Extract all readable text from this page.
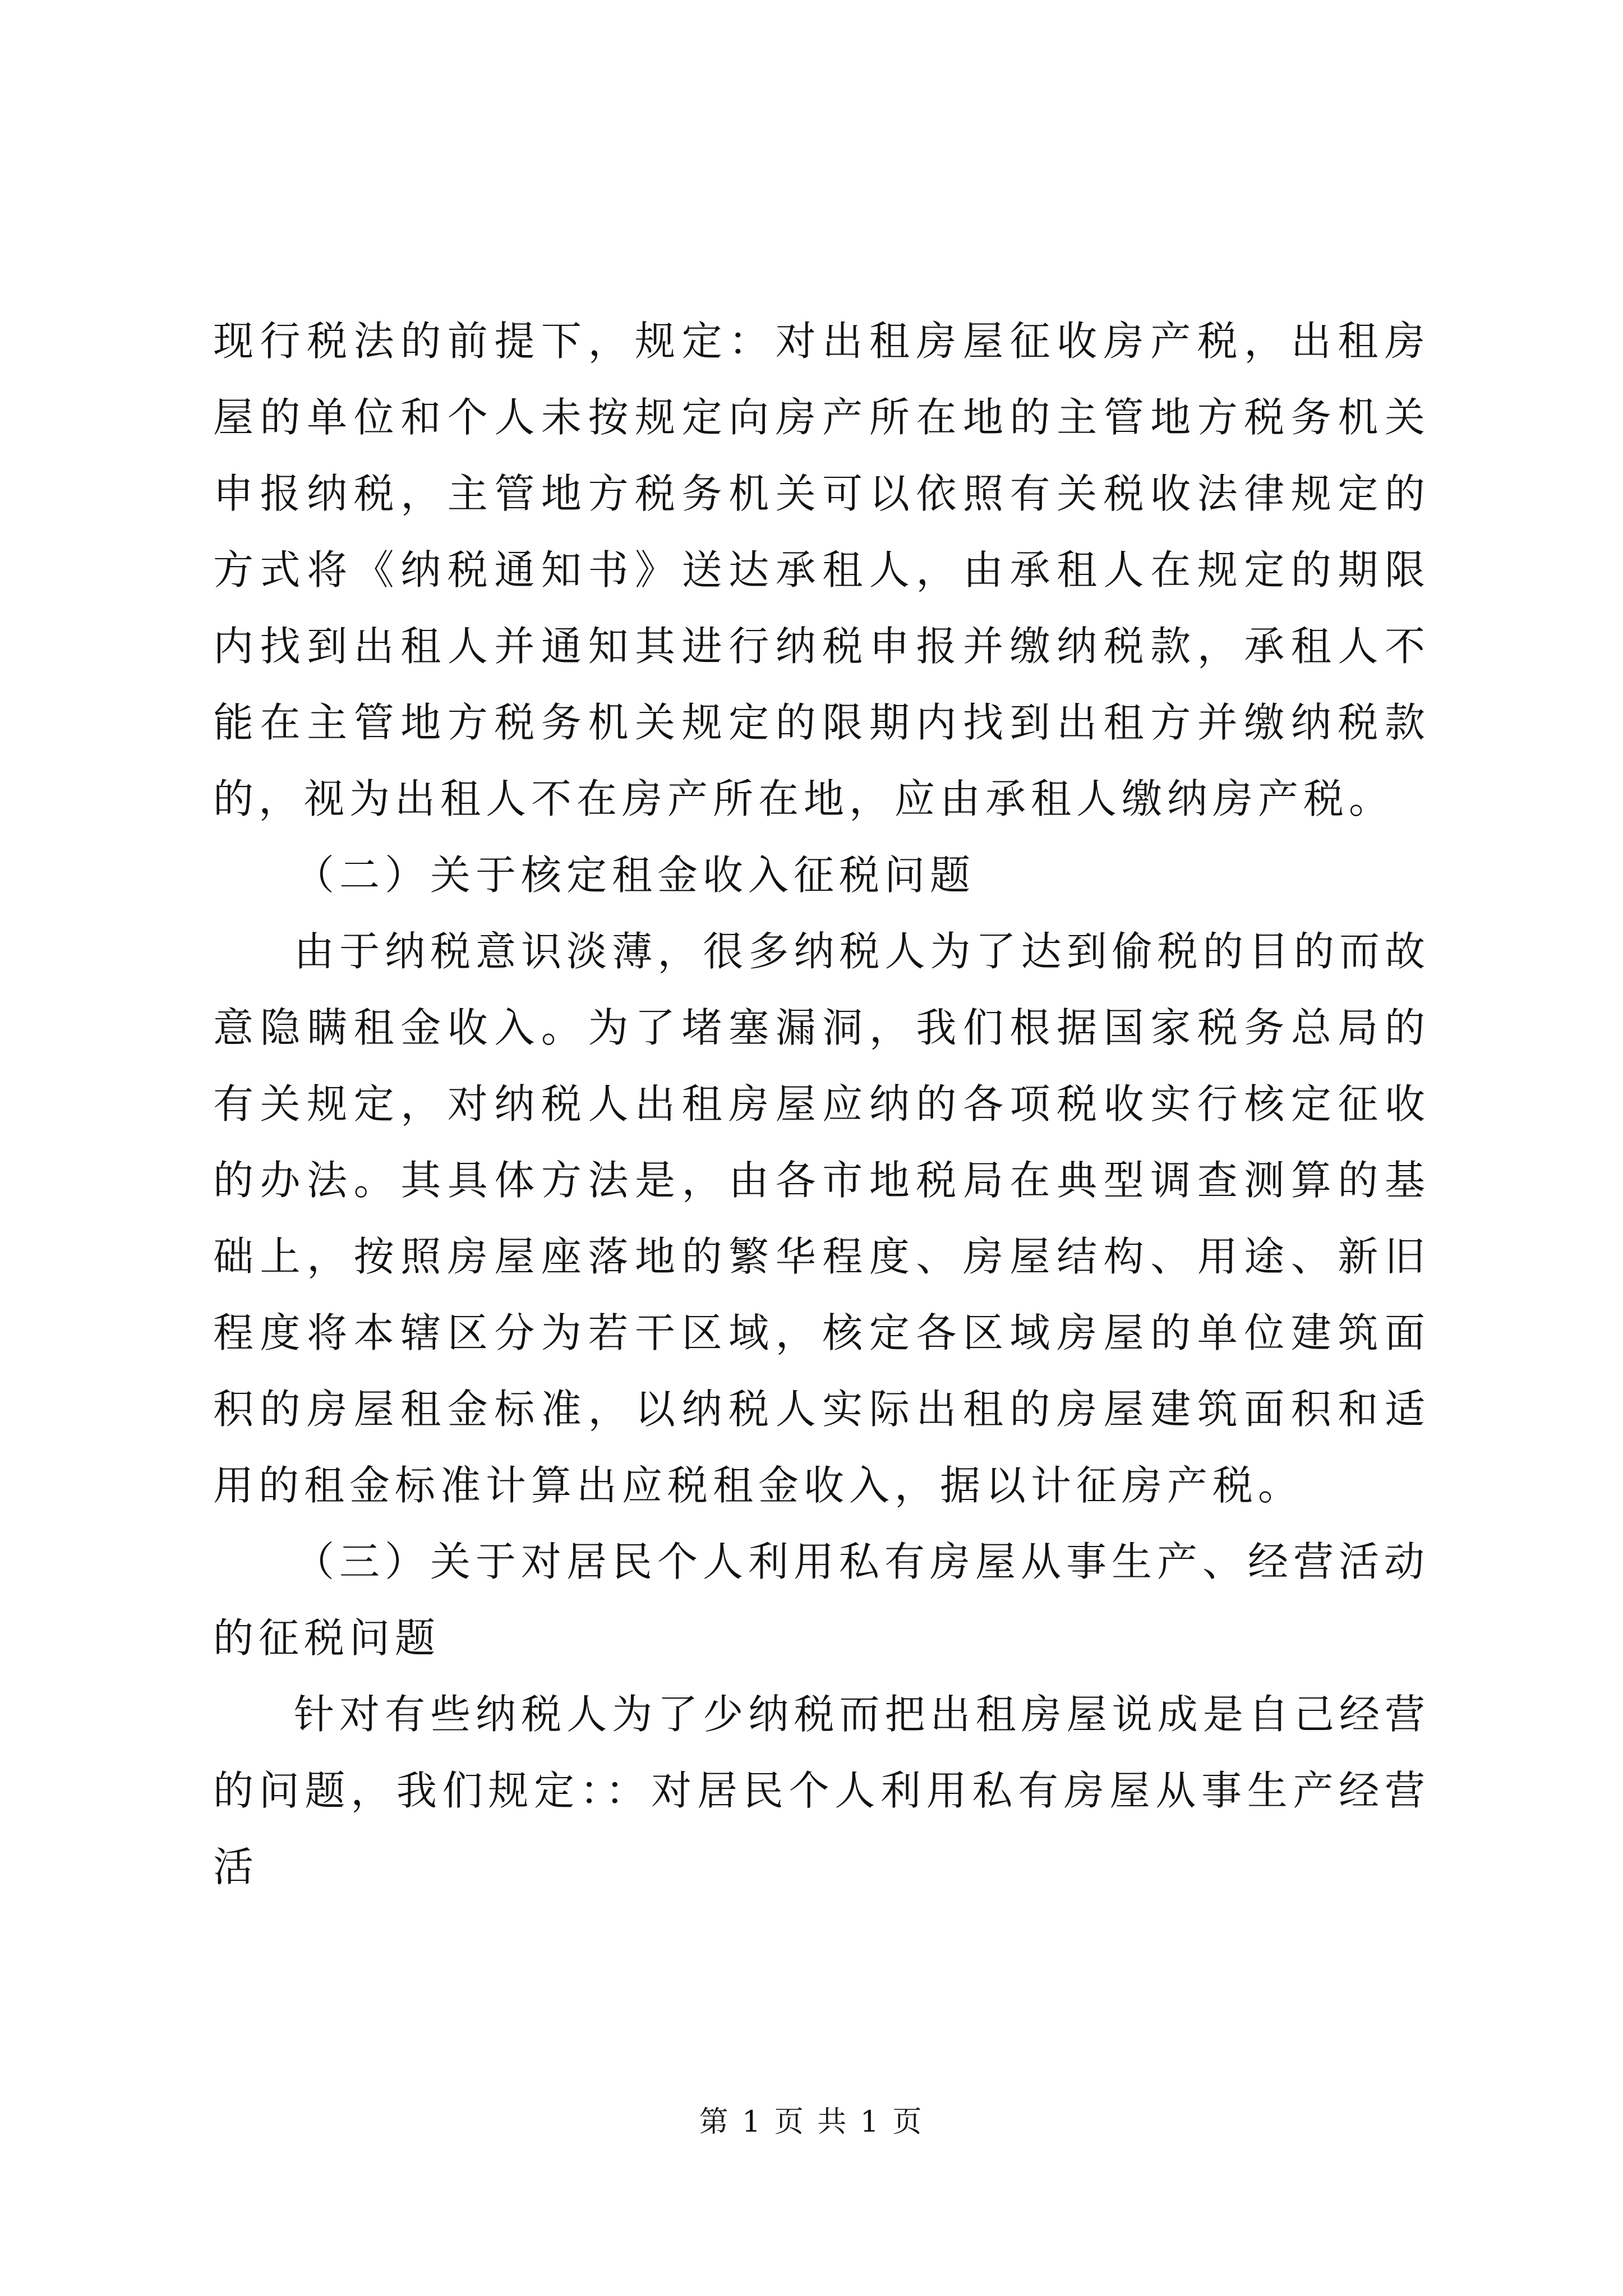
现行税法的前提下，规定：对出租房屋征收房产税，出租房屋的单位和个人未按规定向房产所在地的主管地方税务机关申报纳税，主管地方税务机关可以依照有关税收法律规定的方式将《纳税通知书》送达承租人，由承租人在规定的期限内找到出租人并通知其进行纳税申报并缴纳税款，承租人不能在主管地方税务机关规定的限期内找到出租方并缴纳税款的，视为出租人不在房产所在地，应由承租人缴纳房产税。

（二）关于核定租金收入征税问题

由于纳税意识淡薄，很多纳税人为了达到偷税的目的而故意隐瞒租金收入。为了堵塞漏洞，我们根据国家税务总局的有关规定，对纳税人出租房屋应纳的各项税收实行核定征收的办法。其具体方法是，由各市地税局在典型调查测算的基础上，按照房屋座落地的繁华程度、房屋结构、用途、新旧程度将本辖区分为若干区域，核定各区域房屋的单位建筑面积的房屋租金标准，以纳税人实际出租的房屋建筑面积和适用的租金标准计算出应税租金收入，据以计征房产税。

（三）关于对居民个人利用私有房屋从事生产、经营活动的征税问题

针对有些纳税人为了少纳税而把出租房屋说成是自己经营的问题，我们规定：：对居民个人利用私有房屋从事生产经营活

第 1 页 共 1 页
